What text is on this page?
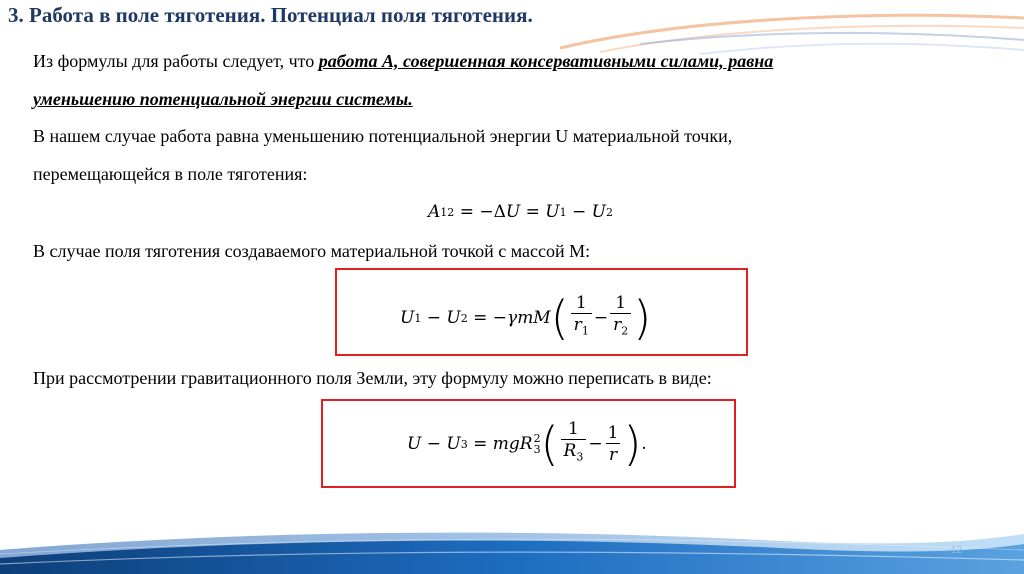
3. Работа в поле тяготения. Потенциал поля тяготения.
Из формулы для работы следует, что работа А, совершенная консервативными силами, равна
уменьшению потенциальной энергии системы.
В нашем случае работа равна уменьшению потенциальной энергии U материальной точки,
перемещающейся в поле тяготения:
A 12
=
−Δ U = U 1
− U 2
В случае поля тяготения создаваемого материальной точкой с массой М:
U 1
− U 2
=
− γmM ( $\frac{1}{r_1} - \frac{1}{r_2}$ )
При рассмотрении гравитационного поля Земли, эту формулу можно переписать в виде:
U − U 3
= mgR 2
3 ( $\frac{1}{R_3} - \frac{1}{r}$ ) .
12
